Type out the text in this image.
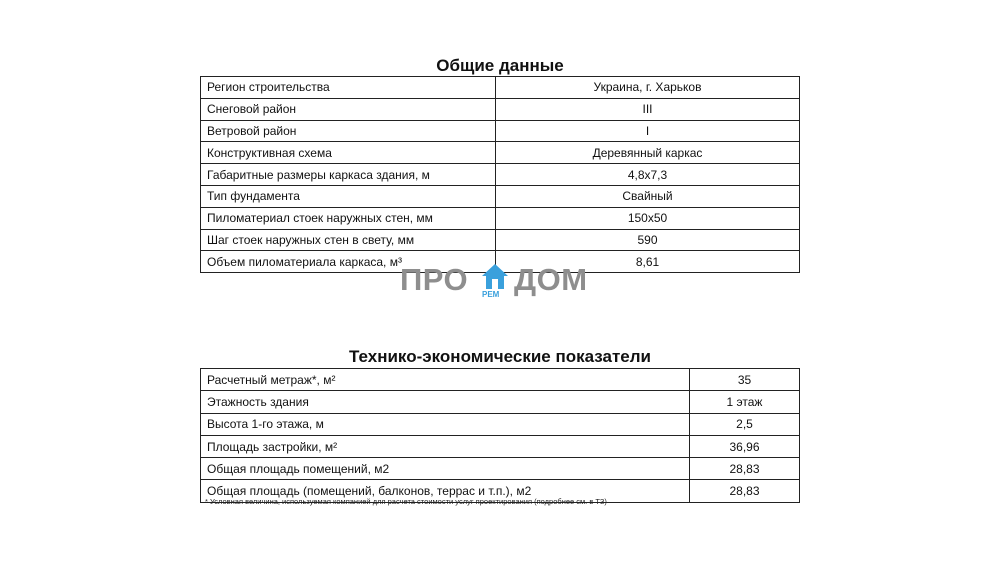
Общие данные
Регион строительства	Украина, г. Харьков
Снеговой район	III
Ветровой район	I
Конструктивная схема	Деревянный каркас
Габаритные размеры каркаса здания, м	4,8х7,3
Тип фундамента	Свайный
Пиломатериал стоек наружных стен, мм	150х50
Шаг стоек наружных стен в свету, мм	590
Объем пиломатериала каркаса, м³	8,61
ПРО РЕМ ДОМ
Технико-экономические показатели
Расчетный метраж*, м²	35
Этажность здания	1 этаж
Высота 1-го этажа, м	2,5
Площадь застройки, м²	36,96
Общая площадь помещений, м2	28,83
Общая площадь (помещений, балконов, террас и т.п.), м2	28,83
* Условная величина, используемая компанией для расчета стоимости услуг проектирования (подробнее см. в ТЗ)
